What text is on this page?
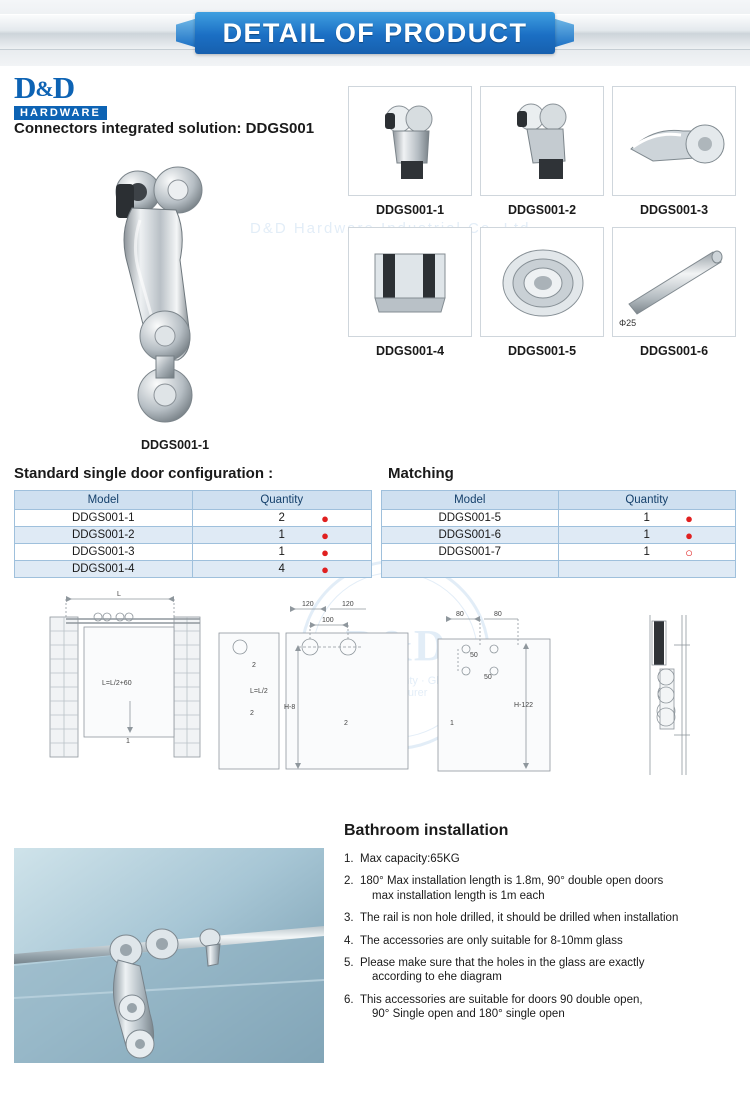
DETAIL OF PRODUCT
D&D
HARDWARE
Connectors integrated solution: DDGS001
D&D Hardware
·
DDGS001-1
DDGS001-1	DDGS001-2	DDGS001-3
DDGS001-4	DDGS001-5
Φ25
DDGS001-6
Standard single door configuration :	Matching
Model	Quantity
DDGS001-1	2 ●

DDGS001-2	1 ●

DDGS001-3	1 ●

DDGS001-4	4 ●
Model	Quantity
DDGS001-5	1 ●

DDGS001-6	1 ●

DDGS001-7	1 ○

L
L=L/2+60
1
2
L=L/2
2
120	120
100
H-8
2
80	80
50
50
H-122
1
Bathroom installation
1. Max capacity:65KG
2. 180° Max installation length is 1.8m, 90° double open doors
max installation length is 1m each
3. The rail is non hole drilled, it should be drilled when installation
4. The accessories are only suitable for 8-10mm glass
5. Please make sure that the holes in the glass are exactly
according to ehe diagram
6. This accessories are suitable for doors 90 double open,
90° Single open and 180° single open
